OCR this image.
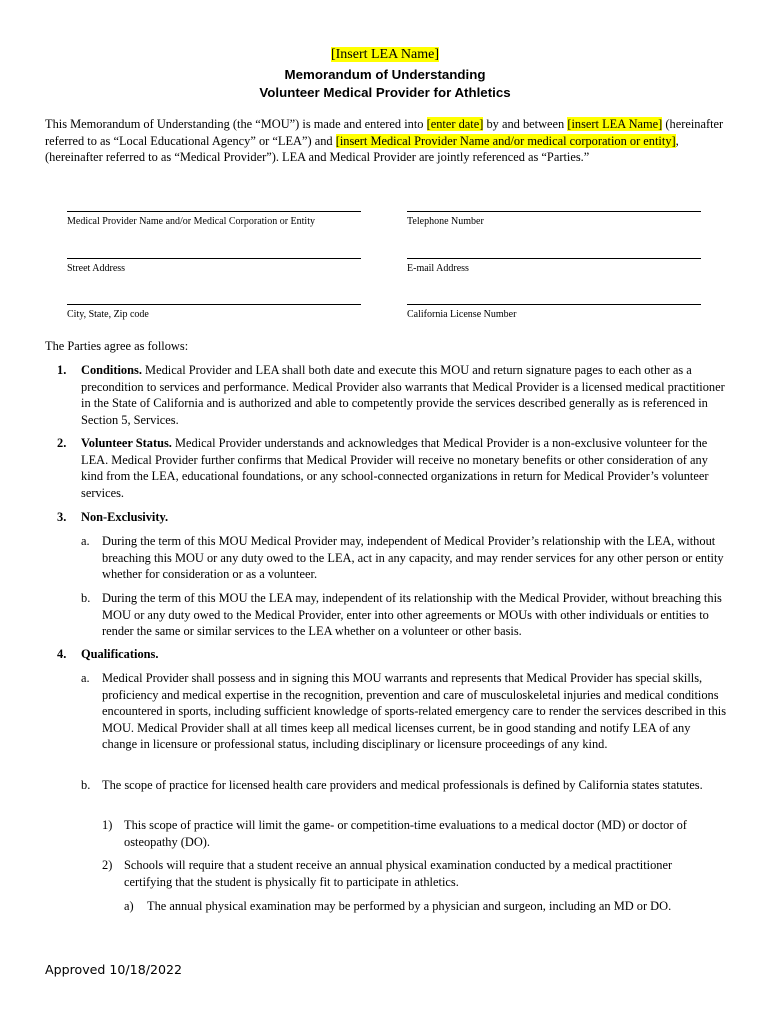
[Insert LEA Name]
Memorandum of Understanding
Volunteer Medical Provider for Athletics
This Memorandum of Understanding (the “MOU”) is made and entered into [enter date] by and between [insert LEA Name] (hereinafter referred to as “Local Educational Agency” or “LEA”) and [insert Medical Provider Name and/or medical corporation or entity], (hereinafter referred to as “Medical Provider”). LEA and Medical Provider are jointly referenced as “Parties.”
Medical Provider Name and/or Medical Corporation or Entity	Telephone Number
Street Address	E-mail Address
City, State, Zip code	California License Number
The Parties agree as follows:
1. Conditions. Medical Provider and LEA shall both date and execute this MOU and return signature pages to each other as a precondition to services and performance. Medical Provider also warrants that Medical Provider is a licensed medical practitioner in the State of California and is authorized and able to competently provide the services described generally as is referenced in Section 5, Services.
2. Volunteer Status. Medical Provider understands and acknowledges that Medical Provider is a non-exclusive volunteer for the LEA. Medical Provider further confirms that Medical Provider will receive no monetary benefits or other consideration of any kind from the LEA, educational foundations, or any school-connected organizations in return for Medical Provider’s volunteer services.
3. Non-Exclusivity.
a. During the term of this MOU Medical Provider may, independent of Medical Provider’s relationship with the LEA, without breaching this MOU or any duty owed to the LEA, act in any capacity, and may render services for any other person or entity whether for consideration or as a volunteer.
b. During the term of this MOU the LEA may, independent of its relationship with the Medical Provider, without breaching this MOU or any duty owed to the Medical Provider, enter into other agreements or MOUs with other individuals or entities to render the same or similar services to the LEA whether on a volunteer or other basis.
4. Qualifications.
a. Medical Provider shall possess and in signing this MOU warrants and represents that Medical Provider has special skills, proficiency and medical expertise in the recognition, prevention and care of musculoskeletal injuries and medical conditions encountered in sports, including sufficient knowledge of sports-related emergency care to render the services described in this MOU. Medical Provider shall at all times keep all medical licenses current, be in good standing and notify LEA of any change in licensure or professional status, including disciplinary or licensure proceedings of any kind.
b. The scope of practice for licensed health care providers and medical professionals is defined by California states statutes.
1) This scope of practice will limit the game- or competition-time evaluations to a medical doctor (MD) or doctor of osteopathy (DO).
2) Schools will require that a student receive an annual physical examination conducted by a medical practitioner certifying that the student is physically fit to participate in athletics.
a) The annual physical examination may be performed by a physician and surgeon, including an MD or DO.
Approved 10/18/2022
